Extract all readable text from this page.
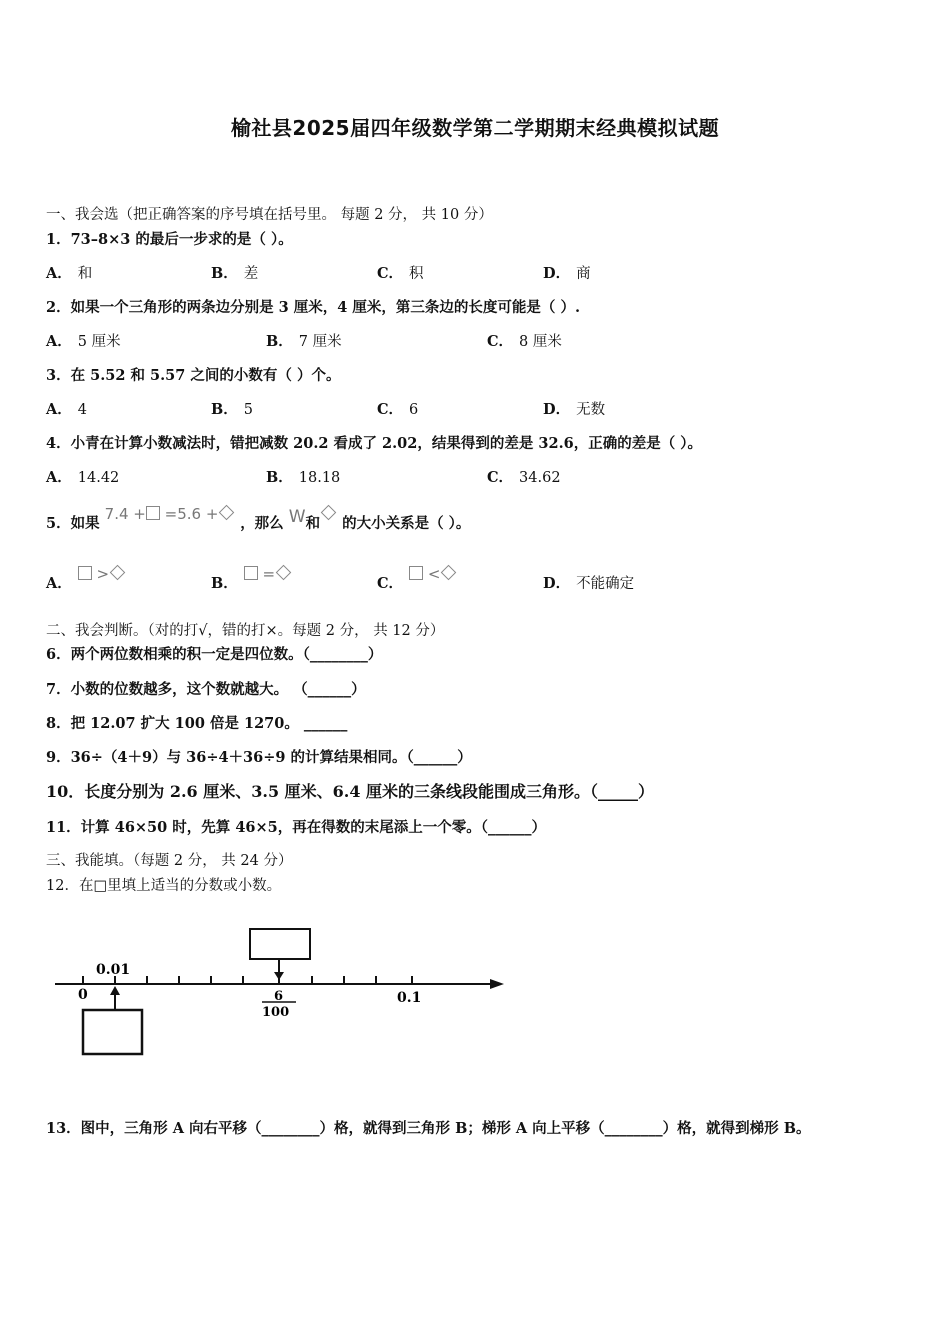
榆社县2025届四年级数学第二学期期末经典模拟试题
一、我会选（把正确答案的序号填在括号里。 每题 2 分， 共 10 分）
1．73–8×3 的最后一步求的是（ ）。
A． 和	B． 差	C． 积	D． 商
2．如果一个三角形的两条边分别是 3 厘米，4 厘米，第三条边的长度可能是（ ）.
A． 5 厘米	B． 7 厘米	C． 8 厘米
3．在 5.52 和 5.57 之间的小数有（ ）个。
A． 4	B． 5	C． 6	D． 无数
4．小青在计算小数减法时，错把减数 20.2 看成了 2.02，结果得到的差是 32.6，正确的差是（ ）。
A． 14.42	B． 18.18	C． 34.62
5．如果 7.4 + =5.6 + ，那么 W和 的大小关系是（ ）。
A． >
B． =
C． <
D． 不能确定
二、我会判断。（对的打√，错的打×。每题 2 分， 共 12 分）
6．两个两位数相乘的积一定是四位数。（________）
7．小数的位数越多，这个数就越大。 （______）
8．把 12.07 扩大 100 倍是 1270。 ______
9．36÷（4＋9）与 36÷4＋36÷9 的计算结果相同。（______）
10．长度分别为 2.6 厘米、3.5 厘米、6.4 厘米的三条线段能围成三角形。（_____）
11．计算 46×50 时，先算 46×5，再在得数的末尾添上一个零。（______）
三、我能填。（每题 2 分， 共 24 分）
12．在□里填上适当的分数或小数。
0.01
0	0.1
6
100
13．图中，三角形 A 向右平移（________）格，就得到三角形 B；梯形 A 向上平移（________）格，就得到梯形 B。
